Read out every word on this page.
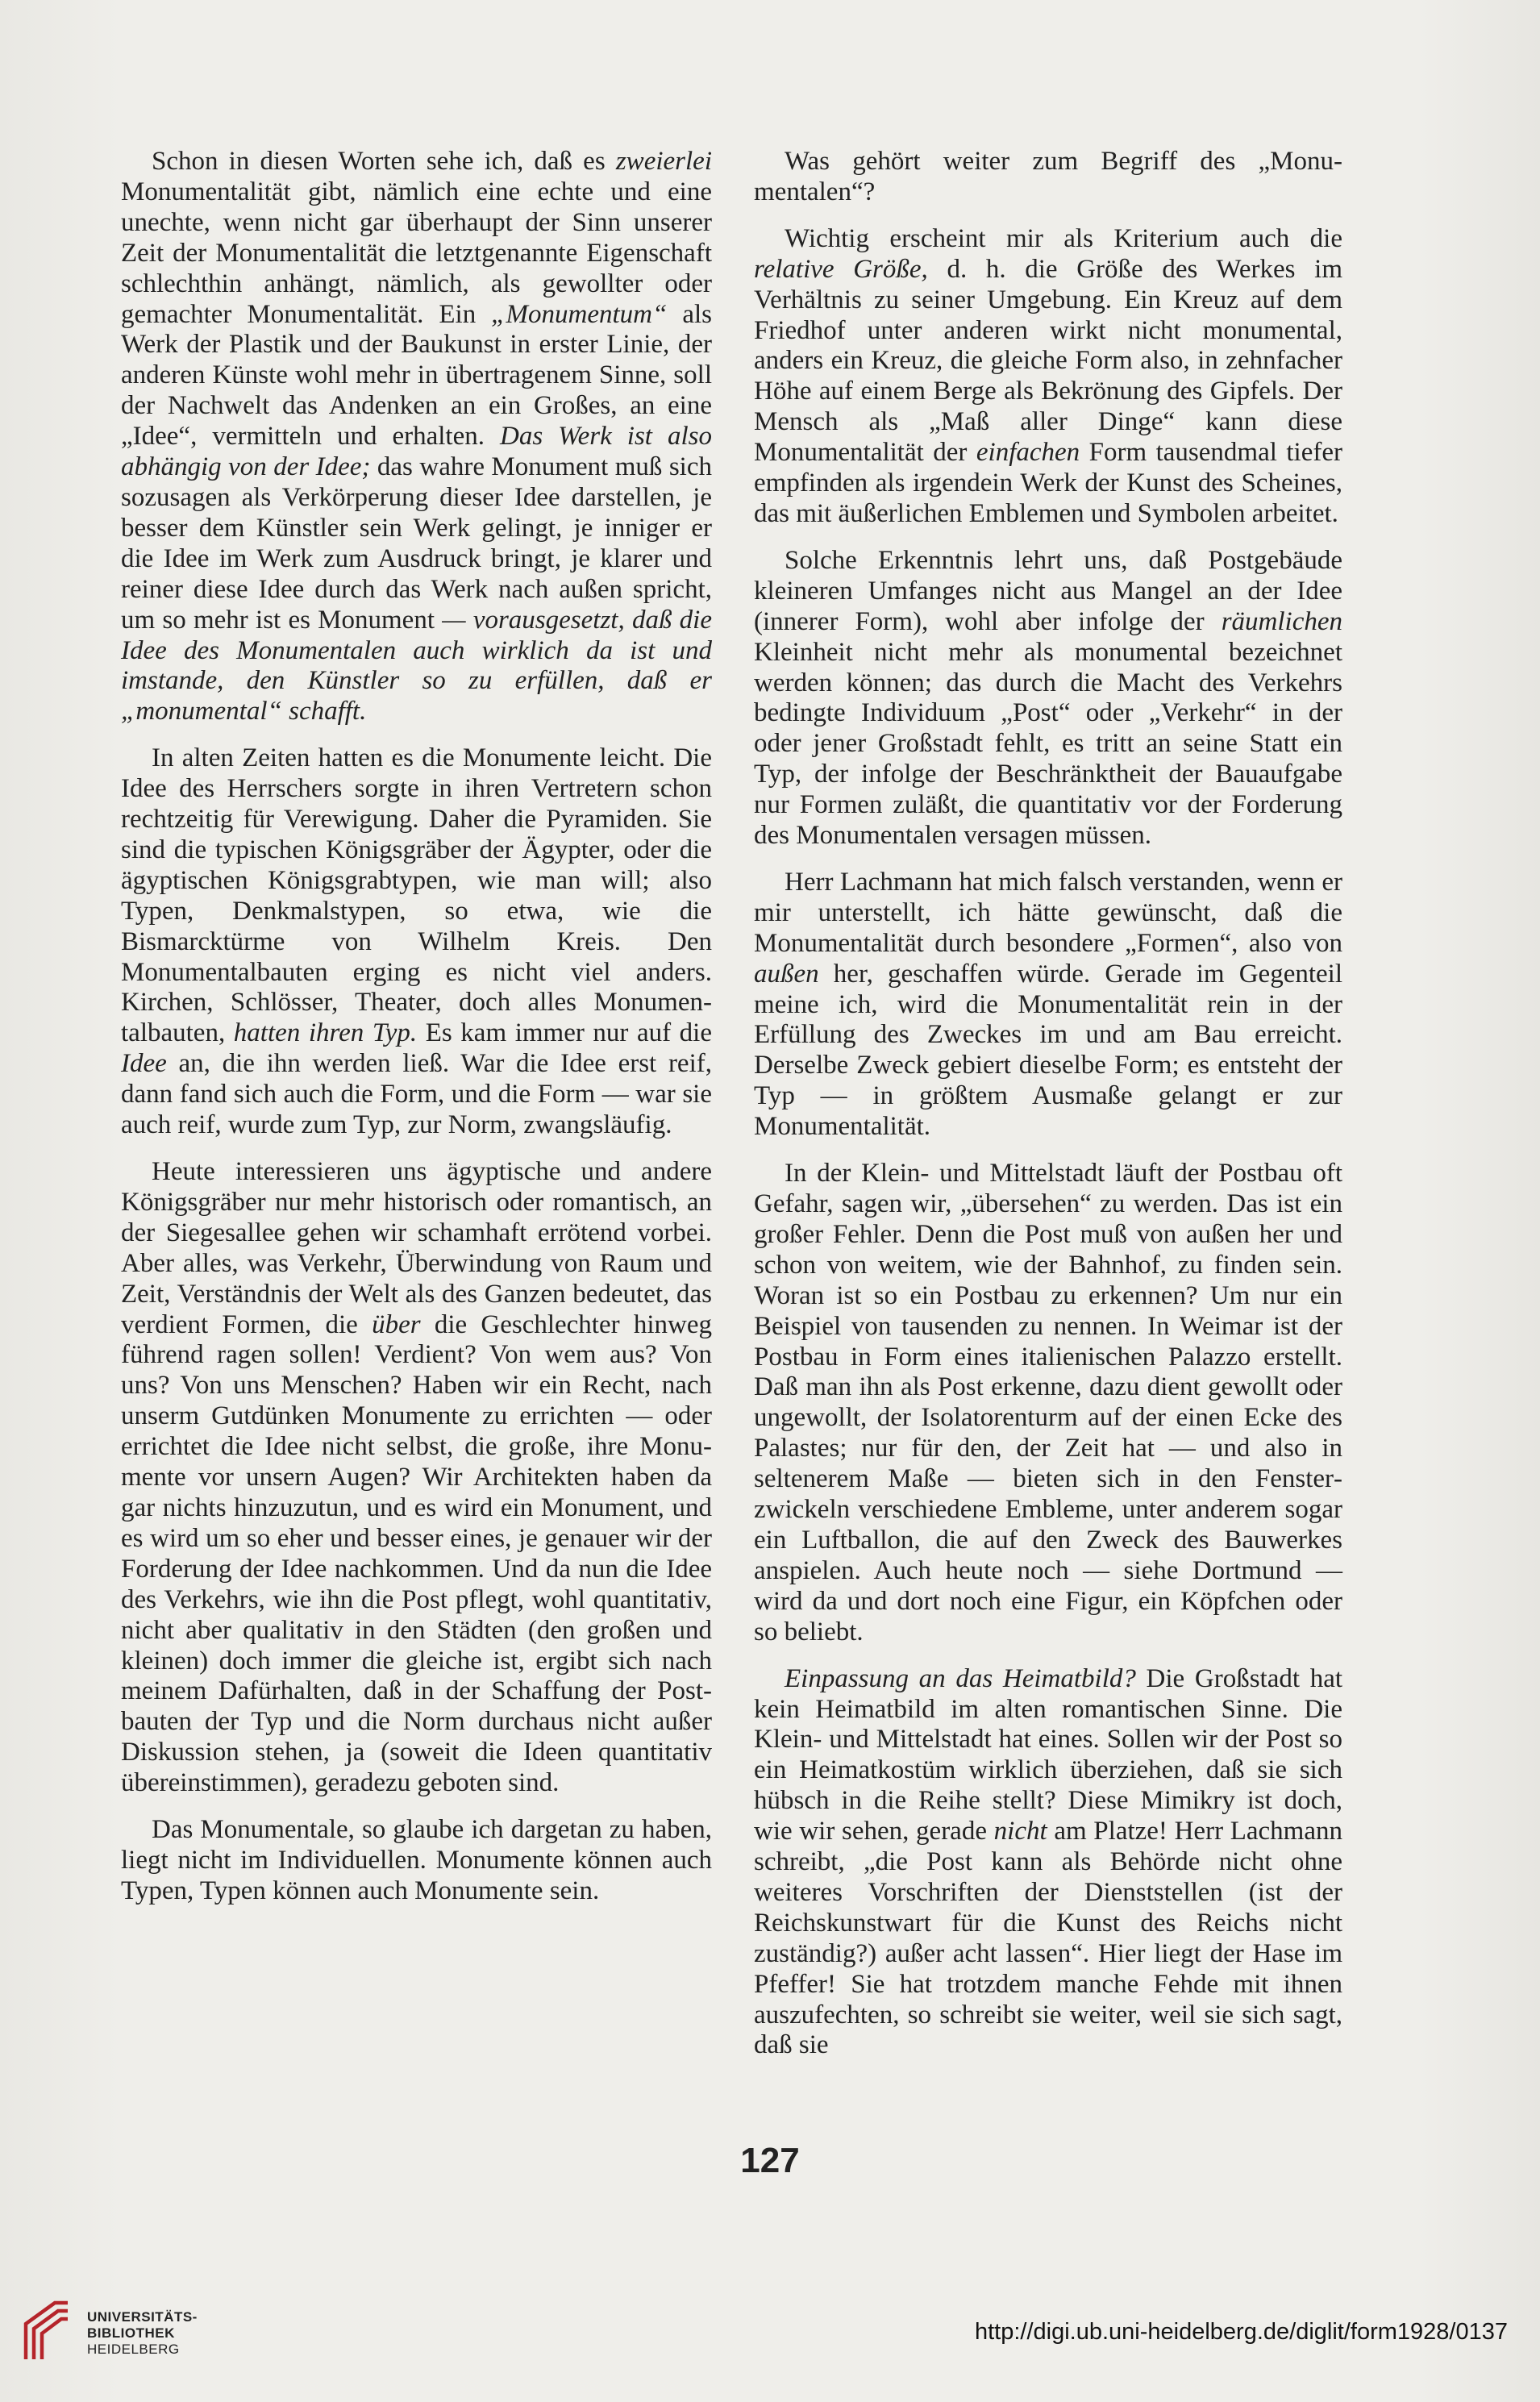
Schon in diesen Worten sehe ich, daß es zweierlei Monumentalität gibt, nämlich eine echte und eine unechte, wenn nicht gar überhaupt der Sinn unserer Zeit der Monumentalität die letztgenannte Eigenschaft schlechthin anhängt, nämlich, als gewollter oder gemachter Monumentalität. Ein „Monumentum“ als Werk der Plastik und der Baukunst in erster Linie, der anderen Künste wohl mehr in übertragenem Sinne, soll der Nachwelt das Andenken an ein Großes, an eine „Idee“, vermitteln und erhalten. Das Werk ist also abhängig von der Idee; das wahre Monument muß sich sozusagen als Verkörperung dieser Idee darstellen, je besser dem Künstler sein Werk gelingt, je inniger er die Idee im Werk zum Ausdruck bringt, je klarer und reiner diese Idee durch das Werk nach außen spricht, um so mehr ist es Monument — vorausgesetzt, daß die Idee des Monumentalen auch wirklich da ist und imstande, den Künstler so zu erfüllen, daß er „monumental“ schafft.

In alten Zeiten hatten es die Monumente leicht. Die Idee des Herrschers sorgte in ihren Vertretern schon rechtzeitig für Verewigung. Daher die Pyramiden. Sie sind die typischen Königsgräber der Ägypter, oder die ägyptischen Königsgrabtypen, wie man will; also Typen, Denkmalstypen, so etwa, wie die Bismarcktürme von Wilhelm Kreis. Den Monumentalbauten erging es nicht viel anders. Kirchen, Schlösser, Theater, doch alles Monumentalbauten, hatten ihren Typ. Es kam immer nur auf die Idee an, die ihn werden ließ. War die Idee erst reif, dann fand sich auch die Form, und die Form — war sie auch reif, wurde zum Typ, zur Norm, zwangsläufig.

Heute interessieren uns ägyptische und andere Königsgräber nur mehr historisch oder romantisch, an der Siegesallee gehen wir schamhaft errötend vorbei. Aber alles, was Verkehr, Überwindung von Raum und Zeit, Verständnis der Welt als des Ganzen bedeutet, das verdient Formen, die über die Geschlechter hinweg führend ragen sollen! Verdient? Von wem aus? Von uns? Von uns Menschen? Haben wir ein Recht, nach unserm Gutdünken Monumente zu errichten — oder errichtet die Idee nicht selbst, die große, ihre Monumente vor unsern Augen? Wir Architekten haben da gar nichts hinzuzutun, und es wird ein Monument, und es wird um so eher und besser eines, je genauer wir der Forderung der Idee nachkommen. Und da nun die Idee des Verkehrs, wie ihn die Post pflegt, wohl quantitativ, nicht aber qualitativ in den Städten (den großen und kleinen) doch immer die gleiche ist, ergibt sich nach meinem Dafürhalten, daß in der Schaffung der Postbauten der Typ und die Norm durchaus nicht außer Diskussion stehen, ja (soweit die Ideen quantitativ übereinstimmen), geradezu geboten sind.

Das Monumentale, so glaube ich dargetan zu haben, liegt nicht im Individuellen. Monumente können auch Typen, Typen können auch Monumente sein.

Was gehört weiter zum Begriff des „Monumentalen“?

Wichtig erscheint mir als Kriterium auch die relative Größe, d. h. die Größe des Werkes im Verhältnis zu seiner Umgebung. Ein Kreuz auf dem Friedhof unter anderen wirkt nicht monumental, anders ein Kreuz, die gleiche Form also, in zehnfacher Höhe auf einem Berge als Bekrönung des Gipfels. Der Mensch als „Maß aller Dinge“ kann diese Monumentalität der einfachen Form tausendmal tiefer empfinden als irgendein Werk der Kunst des Scheines, das mit äußerlichen Emblemen und Symbolen arbeitet.

Solche Erkenntnis lehrt uns, daß Postgebäude kleineren Umfanges nicht aus Mangel an der Idee (innerer Form), wohl aber infolge der räumlichen Kleinheit nicht mehr als monumental bezeichnet werden können; das durch die Macht des Verkehrs bedingte Individuum „Post“ oder „Verkehr“ in der oder jener Großstadt fehlt, es tritt an seine Statt ein Typ, der infolge der Beschränktheit der Bauaufgabe nur Formen zuläßt, die quantitativ vor der Forderung des Monumentalen versagen müssen.

Herr Lachmann hat mich falsch verstanden, wenn er mir unterstellt, ich hätte gewünscht, daß die Monumentalität durch besondere „Formen“, also von außen her, geschaffen würde. Gerade im Gegenteil meine ich, wird die Monumentalität rein in der Erfüllung des Zweckes im und am Bau erreicht. Derselbe Zweck gebiert dieselbe Form; es entsteht der Typ — in größtem Ausmaße gelangt er zur Monumentalität.

In der Klein- und Mittelstadt läuft der Postbau oft Gefahr, sagen wir, „übersehen“ zu werden. Das ist ein großer Fehler. Denn die Post muß von außen her und schon von weitem, wie der Bahnhof, zu finden sein. Woran ist so ein Postbau zu erkennen? Um nur ein Beispiel von tausenden zu nennen. In Weimar ist der Postbau in Form eines italienischen Palazzo erstellt. Daß man ihn als Post erkenne, dazu dient gewollt oder ungewollt, der Isolatorenturm auf der einen Ecke des Palastes; nur für den, der Zeit hat — und also in seltenerem Maße — bieten sich in den Fensterzwickeln verschiedene Embleme, unter anderem sogar ein Luftballon, die auf den Zweck des Bauwerkes anspielen. Auch heute noch — siehe Dortmund — wird da und dort noch eine Figur, ein Köpfchen oder so beliebt.

Einpassung an das Heimatbild? Die Großstadt hat kein Heimatbild im alten romantischen Sinne. Die Klein- und Mittelstadt hat eines. Sollen wir der Post so ein Heimatkostüm wirklich überziehen, daß sie sich hübsch in die Reihe stellt? Diese Mimikry ist doch, wie wir sehen, gerade nicht am Platze! Herr Lachmann schreibt, „die Post kann als Behörde nicht ohne weiteres Vorschriften der Dienststellen (ist der Reichskunstwart für die Kunst des Reichs nicht zuständig?) außer acht lassen“. Hier liegt der Hase im Pfeffer! Sie hat trotzdem manche Fehde mit ihnen auszufechten, so schreibt sie weiter, weil sie sich sagt, daß sie

127
UNIVERSITÄTS-
BIBLIOTHEK
HEIDELBERG
http://digi.ub.uni-heidelberg.de/diglit/form1928/0137
